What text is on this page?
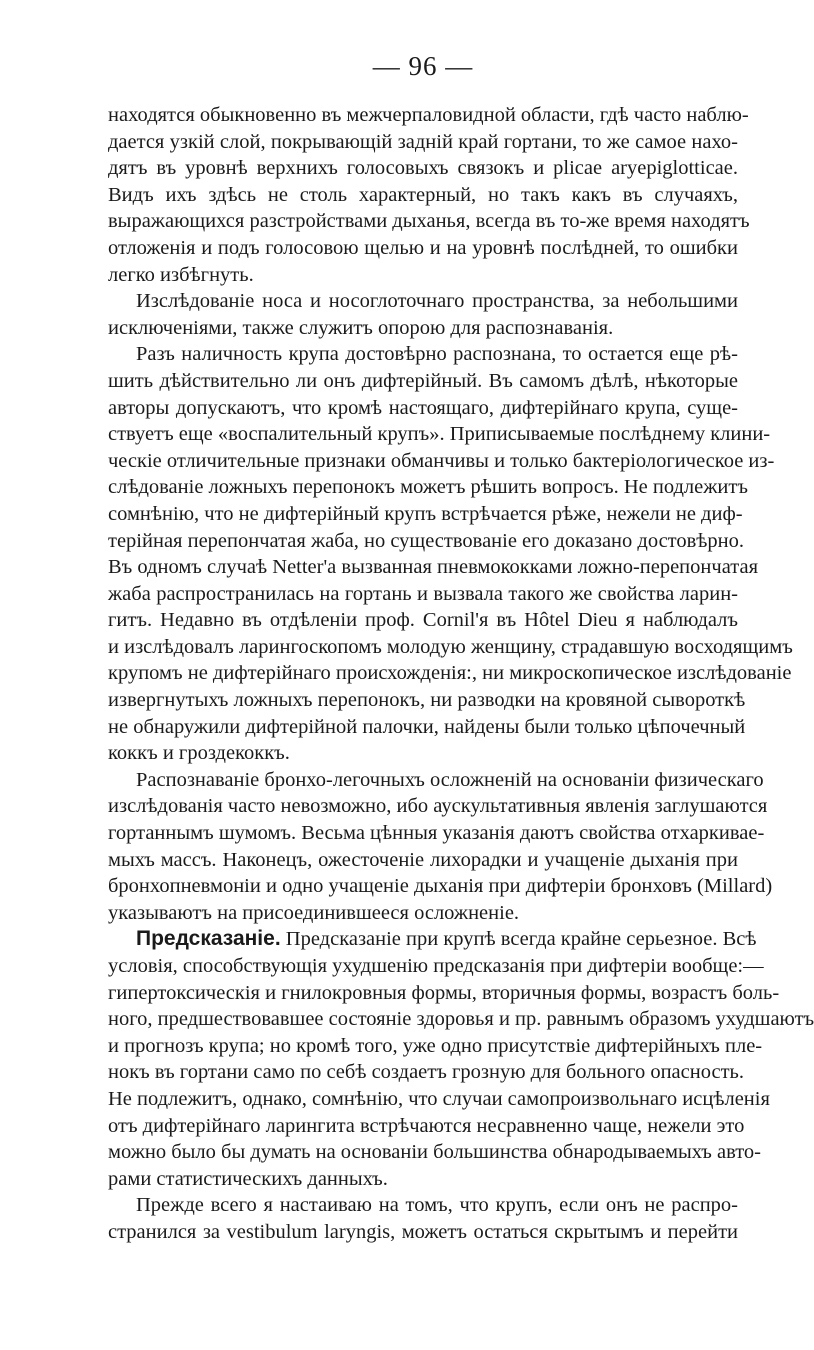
— 96 —
находятся обыкновенно въ межчерпаловидной области, гдѣ часто наблю-
дается узкій слой, покрывающій задній край гортани, то же самое нахо-
дятъ въ уровнѣ верхнихъ голосовыхъ связокъ и plicae aryepiglotticae.
Видъ ихъ здѣсь не столь характерный, но такъ какъ въ случаяхъ,
выражающихся разстройствами дыханья, всегда въ то-же время находятъ
отложенія и подъ голосовою щелью и на уровнѣ послѣдней, то ошибки
легко избѣгнуть.
Изслѣдованіе носа и носоглоточнаго пространства, за небольшими
исключеніями, также служитъ опорою для распознаванія.
Разъ наличность крупа достовѣрно распознана, то остается еще рѣ-
шить дѣйствительно ли онъ дифтерійный. Въ самомъ дѣлѣ, нѣкоторые
авторы допускаютъ, что кромѣ настоящаго, дифтерійнаго крупа, суще-
ствуетъ еще «воспалительный крупъ». Приписываемые послѣднему клини-
ческіе отличительные признаки обманчивы и только бактеріологическое из-
слѣдованіе ложныхъ перепонокъ можетъ рѣшить вопросъ. Не подлежитъ
сомнѣнію, что не дифтерійный крупъ встрѣчается рѣже, нежели не диф-
терійная перепончатая жаба, но существованіе его доказано достовѣрно.
Въ одномъ случаѣ Netter'а вызванная пневмококками ложно-перепончатая
жаба распространилась на гортань и вызвала такого же свойства ларин-
гитъ. Недавно въ отдѣленіи проф. Cornil'я въ Hôtel Dieu я наблюдалъ
и изслѣдовалъ ларингоскопомъ молодую женщину, страдавшую восходящимъ
крупомъ не дифтерійнаго происхожденія:, ни микроскопическое изслѣдованіе
извергнутыхъ ложныхъ перепонокъ, ни разводки на кровяной сывороткѣ
не обнаружили дифтерійной палочки, найдены были только цѣпочечный
коккъ и гроздекоккъ.
Распознаваніе бронхо-легочныхъ осложненій на основаніи физическаго
изслѣдованія часто невозможно, ибо аускультативныя явленія заглушаются
гортаннымъ шумомъ. Весьма цѣнныя указанія даютъ свойства отхаркивае-
мыхъ массъ. Наконецъ, ожесточеніе лихорадки и учащеніе дыханія при
бронхопневмоніи и одно учащеніе дыханія при дифтеріи бронховъ (Millard)
указываютъ на присоединившееся осложненіе.
Предсказаніе. Предсказаніе при крупѣ всегда крайне серьезное. Всѣ
условія, способствующія ухудшенію предсказанія при дифтеріи вообще:—
гипертоксическія и гнилокровныя формы, вторичныя формы, возрастъ боль-
ного, предшествовавшее состояніе здоровья и пр. равнымъ образомъ ухудшаютъ
и прогнозъ крупа; но кромѣ того, уже одно присутствіе дифтерійныхъ пле-
нокъ въ гортани само по себѣ создаетъ грозную для больного опасность.
Не подлежитъ, однако, сомнѣнію, что случаи самопроизвольнаго исцѣленія
отъ дифтерійнаго ларингита встрѣчаются несравненно чаще, нежели это
можно было бы думать на основаніи большинства обнародываемыхъ авто-
рами статистическихъ данныхъ.
Прежде всего я настаиваю на томъ, что крупъ, если онъ не распро-
странился за vestibulum laryngis, можетъ остаться скрытымъ и перейти
